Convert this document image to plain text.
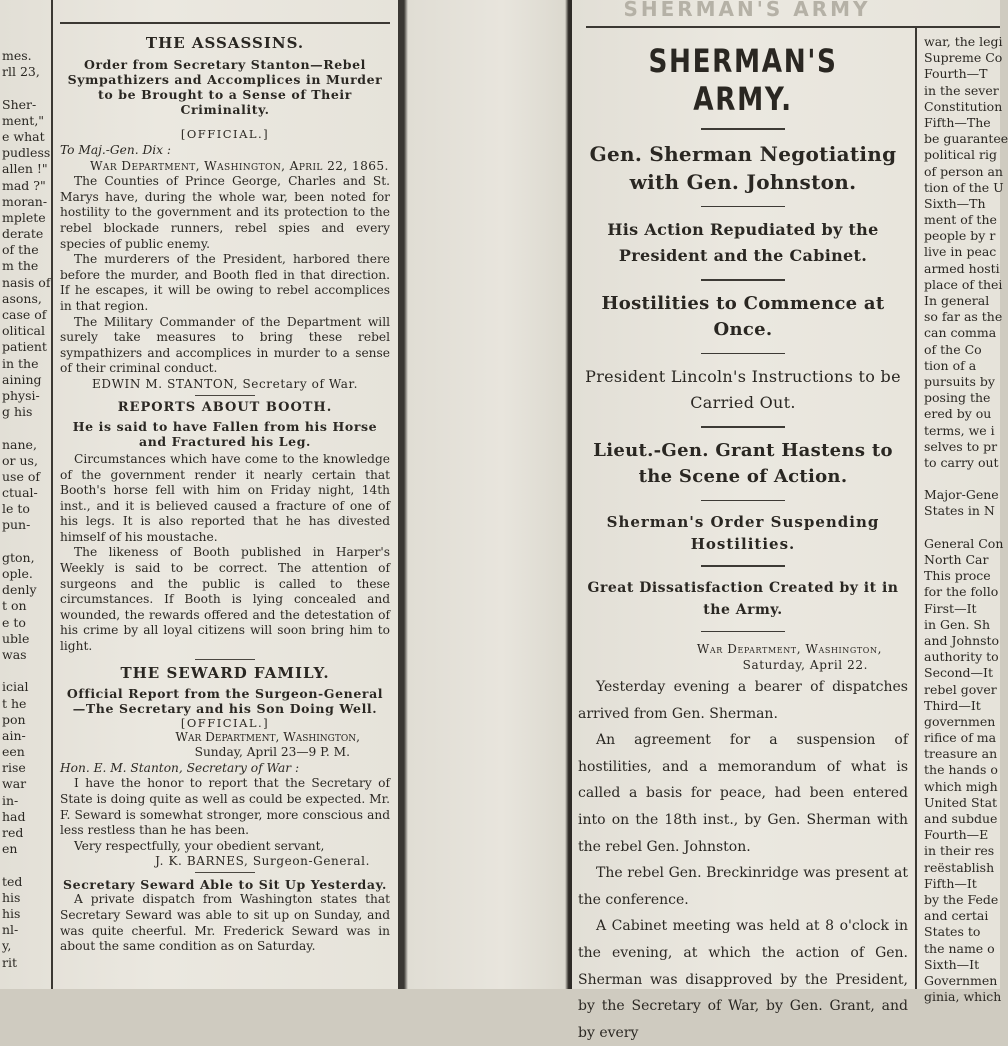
mes.
rll 23,
Sher-
ment,"
e what
pudless
allen !"
mad ?"
moran-
mplete
derate
of the
m the
nasis of
asons,
case of
olitical
patient
in the
aining
physi-
g his
nane,
or us,
use of
ctual-
le to
pun-
gton,
ople.
denly
t on
e to
uble
was
icial
t he
pon
ain-
een
rise
war
in-
had
red
en
ted
his
his
nl-
y,
rit
THE ASSASSINS.
Order from Secretary Stanton—Rebel Sympathizers and Accomplices in Murder to be Brought to a Sense of Their Criminality.
[OFFICIAL.]
To Maj.-Gen. Dix :
War Department, Washington, April 22, 1865.

The Counties of Prince George, Charles and St. Marys have, during the whole war, been noted for hostility to the government and its protection to the rebel blockade runners, rebel spies and every species of public enemy.

The murderers of the President, harbored there before the murder, and Booth fled in that direction. If he escapes, it will be owing to rebel accomplices in that region.

The Military Commander of the Department will surely take measures to bring these rebel sympathizers and accomplices in murder to a sense of their criminal conduct.

EDWIN M. STANTON, Secretary of War.
REPORTS ABOUT BOOTH.
He is said to have Fallen from his Horse and Fractured his Leg.

Circumstances which have come to the knowledge of the government render it nearly certain that Booth's horse fell with him on Friday night, 14th inst., and it is believed caused a fracture of one of his legs. It is also reported that he has divested himself of his moustache.

The likeness of Booth published in Harper's Weekly is said to be correct. The attention of surgeons and the public is called to these circumstances. If Booth is lying concealed and wounded, the rewards offered and the detestation of his crime by all loyal citizens will soon bring him to light.

THE SEWARD FAMILY.
Official Report from the Surgeon-General—The Secretary and his Son Doing Well.
[OFFICIAL.]
War Department, Washington,
Sunday, April 23—9 P. M.
Hon. E. M. Stanton, Secretary of War :

I have the honor to report that the Secretary of State is doing quite as well as could be expected. Mr. F. Seward is somewhat stronger, more conscious and less restless than he has been.

Very respectfully, your obedient servant,

J. K. BARNES, Surgeon-General.
Secretary Seward Able to Sit Up Yesterday.

A private dispatch from Washington states that Secretary Seward was able to sit up on Sunday, and was quite cheerful. Mr. Frederick Seward was in about the same condition as on Saturday.

SHERMAN'S ARMY
SHERMAN'S ARMY.
Gen. Sherman Negotiating with Gen. Johnston.
His Action Repudiated by the President and the Cabinet.
Hostilities to Commence at Once.
President Lincoln's Instructions to be Carried Out.
Lieut.-Gen. Grant Hastens to the Scene of Action.
Sherman's Order Suspending Hostilities.
Great Dissatisfaction Created by it in the Army.
War Department, Washington,
Saturday, April 22.

Yesterday evening a bearer of dispatches arrived from Gen. Sherman.

An agreement for a suspension of hostilities, and a memorandum of what is called a basis for peace, had been entered into on the 18th inst., by Gen. Sherman with the rebel Gen. Johnston.

The rebel Gen. Breckinridge was present at the conference.

A Cabinet meeting was held at 8 o'clock in the evening, at which the action of Gen. Sherman was disapproved by the President, by the Secretary of War, by Gen. Grant, and by every

war, the legi
Supreme Co
Fourth—T
in the sever
Constitution
Fifth—The
be guarantee
political rig
of person an
tion of the U
Sixth—Th
ment of the
people by r
live in peac
armed hosti
place of thei
In general
so far as the
can comma
of the Co
tion of a
pursuits by
posing the
ered by ou
terms, we i
selves to pr
to carry out
Major-Gene
States in N
General Con
North Car
This proce
for the follo
First—It
in Gen. Sh
and Johnsto
authority to
Second—It
rebel gover
Third—It
governmen
rifice of ma
treasure an
the hands o
which migh
United Stat
and subdue
Fourth—E
in their res
reëstablish
Fifth—It
by the Fede
and certai
States to
the name o
Sixth—It
Governmen
ginia, which
